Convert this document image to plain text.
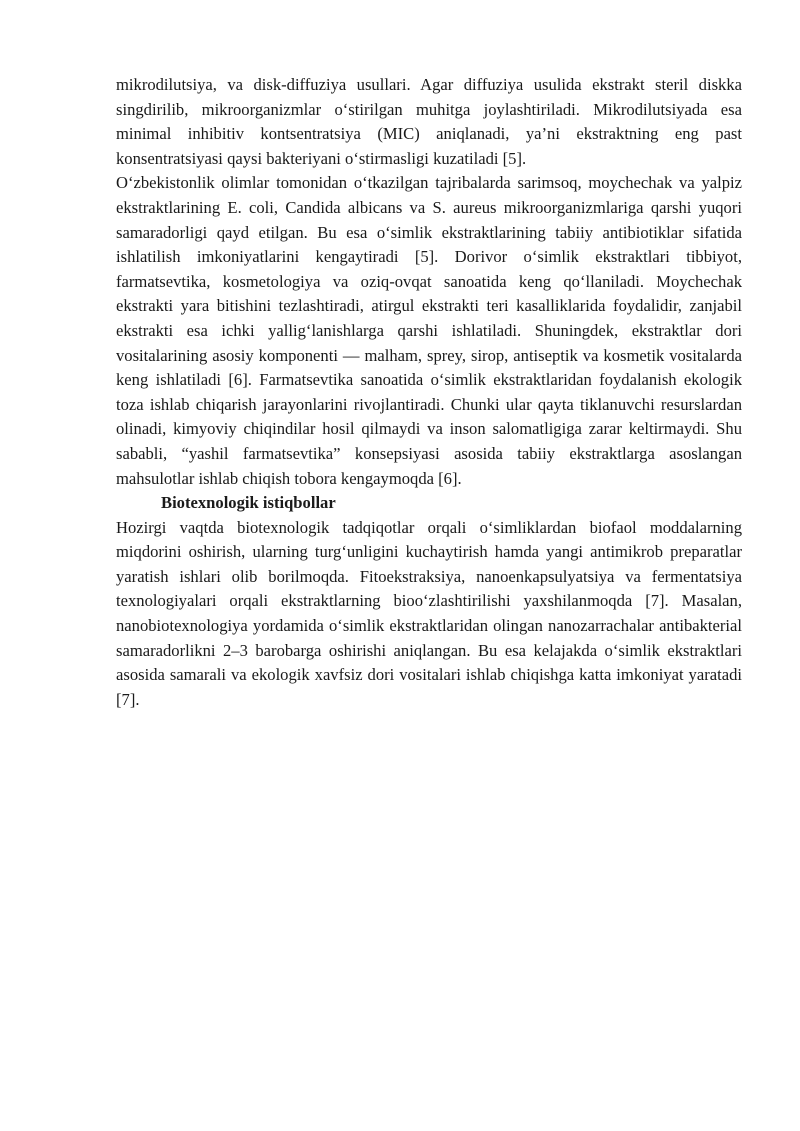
mikrodilutsiya, va disk-diffuziya usullari. Agar diffuziya usulida ekstrakt steril diskka singdirilib, mikroorganizmlar o‘stirilgan muhitga joylashtiriladi. Mikrodilutsiyada esa minimal inhibitiv kontsentratsiya (MIC) aniqlanadi, ya’ni ekstraktning eng past konsentratsiyasi qaysi bakteriyani o‘stirmasligi kuzatiladi [5].

O‘zbekistonlik olimlar tomonidan o‘tkazilgan tajribalarda sarimsoq, moychechak va yalpiz ekstraktlarining E. coli, Candida albicans va S. aureus mikroorganizmlariga qarshi yuqori samaradorligi qayd etilgan. Bu esa o‘simlik ekstraktlarining tabiiy antibiotiklar sifatida ishlatilish imkoniyatlarini kengaytiradi [5]. Dorivor o‘simlik ekstraktlari tibbiyot, farmatsevtika, kosmetologiya va oziq-ovqat sanoatida keng qo‘llaniladi. Moychechak ekstrakti yara bitishini tezlashtiradi, atirgul ekstrakti teri kasalliklarida foydalidir, zanjabil ekstrakti esa ichki yallig‘lanishlarga qarshi ishlatiladi. Shuningdek, ekstraktlar dori vositalarining asosiy komponenti — malham, sprey, sirop, antiseptik va kosmetik vositalarda keng ishlatiladi [6]. Farmatsevtika sanoatida o‘simlik ekstraktlaridan foydalanish ekologik toza ishlab chiqarish jarayonlarini rivojlantiradi. Chunki ular qayta tiklanuvchi resurslardan olinadi, kimyoviy chiqindilar hosil qilmaydi va inson salomatligiga zarar keltirmaydi. Shu sababli, “yashil farmatsevtika” konsepsiyasi asosida tabiiy ekstraktlarga asoslangan mahsulotlar ishlab chiqish tobora kengaymoqda [6].

Biotexnologik istiqbollar

Hozirgi vaqtda biotexnologik tadqiqotlar orqali o‘simliklardan biofaol moddalarning miqdorini oshirish, ularning turg‘unligini kuchaytirish hamda yangi antimikrob preparatlar yaratish ishlari olib borilmoqda. Fitoekstraksiya, nanoenkapsulyatsiya va fermentatsiya texnologiyalari orqali ekstraktlarning bioo‘zlashtirilishi yaxshilanmoqda [7]. Masalan, nanobiotexnologiya yordamida o‘simlik ekstraktlaridan olingan nanozarrachalar antibakterial samaradorlikni 2–3 barobarga oshirishi aniqlangan. Bu esa kelajakda o‘simlik ekstraktlari asosida samarali va ekologik xavfsiz dori vositalari ishlab chiqishga katta imkoniyat yaratadi [7].
